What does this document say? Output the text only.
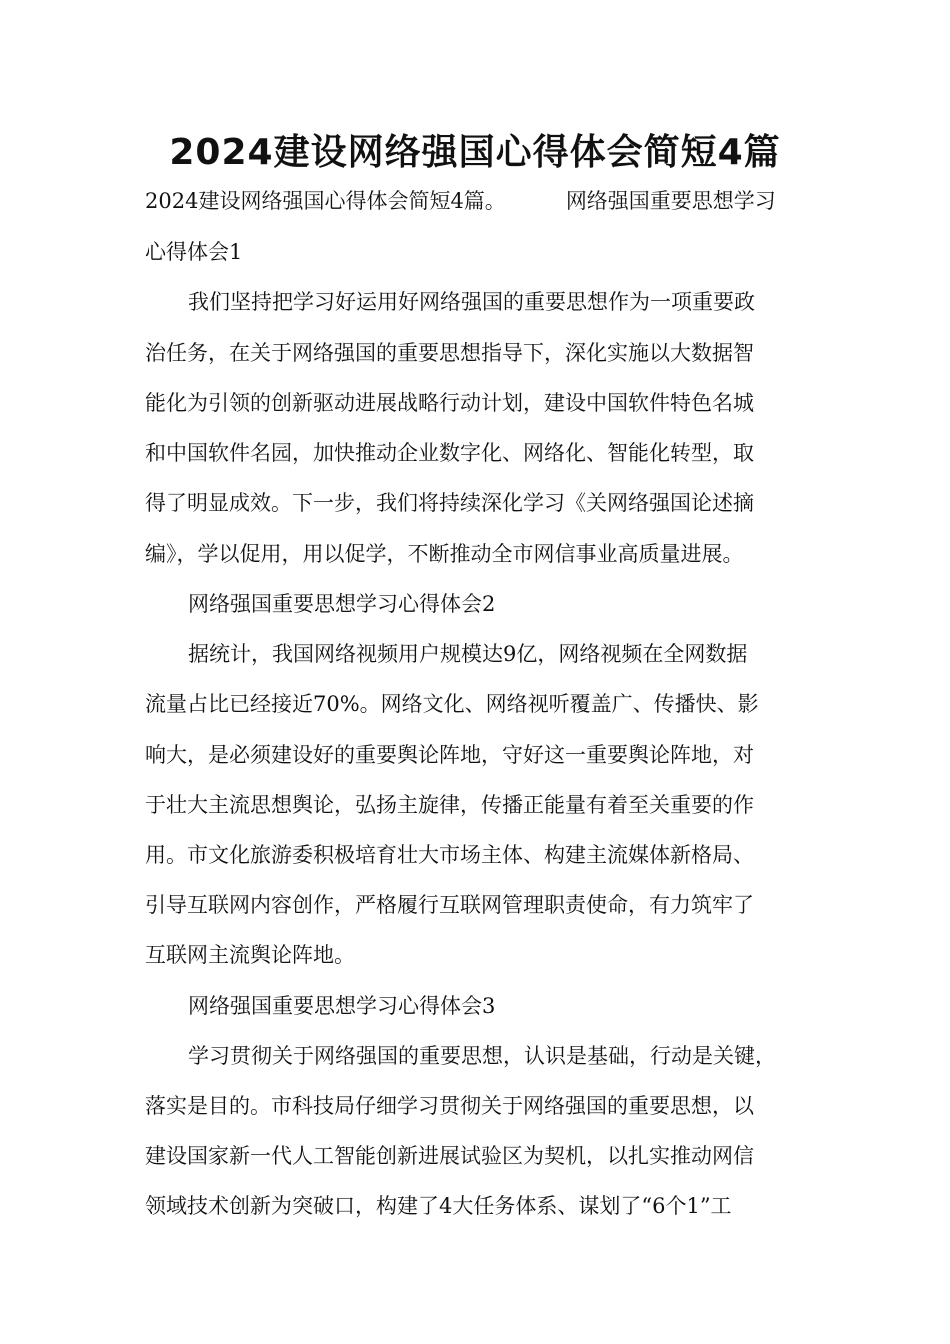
2024建设网络强国心得体会简短4篇
2024建设网络强国心得体会简短4篇。	网络强国重要思想学习
心得体会1
我们坚持把学习好运用好网络强国的重要思想作为一项重要政
治任务，在关于网络强国的重要思想指导下，深化实施以大数据智
能化为引领的创新驱动进展战略行动计划，建设中国软件特色名城
和中国软件名园，加快推动企业数字化、网络化、智能化转型，取
得了明显成效。下一步，我们将持续深化学习《关网络强国论述摘
编》，学以促用，用以促学，不断推动全市网信事业高质量进展。
网络强国重要思想学习心得体会2
据统计，我国网络视频用户规模达9亿，网络视频在全网数据
流量占比已经接近70%。网络文化、网络视听覆盖广、传播快、影
响大，是必须建设好的重要舆论阵地，守好这一重要舆论阵地，对
于壮大主流思想舆论，弘扬主旋律，传播正能量有着至关重要的作
用。市文化旅游委积极培育壮大市场主体、构建主流媒体新格局、
引导互联网内容创作，严格履行互联网管理职责使命，有力筑牢了
互联网主流舆论阵地。
网络强国重要思想学习心得体会3
学习贯彻关于网络强国的重要思想，认识是基础，行动是关键，
落实是目的。市科技局仔细学习贯彻关于网络强国的重要思想，以
建设国家新一代人工智能创新进展试验区为契机，以扎实推动网信
领域技术创新为突破口，构建了4大任务体系、谋划了“6个1”工
